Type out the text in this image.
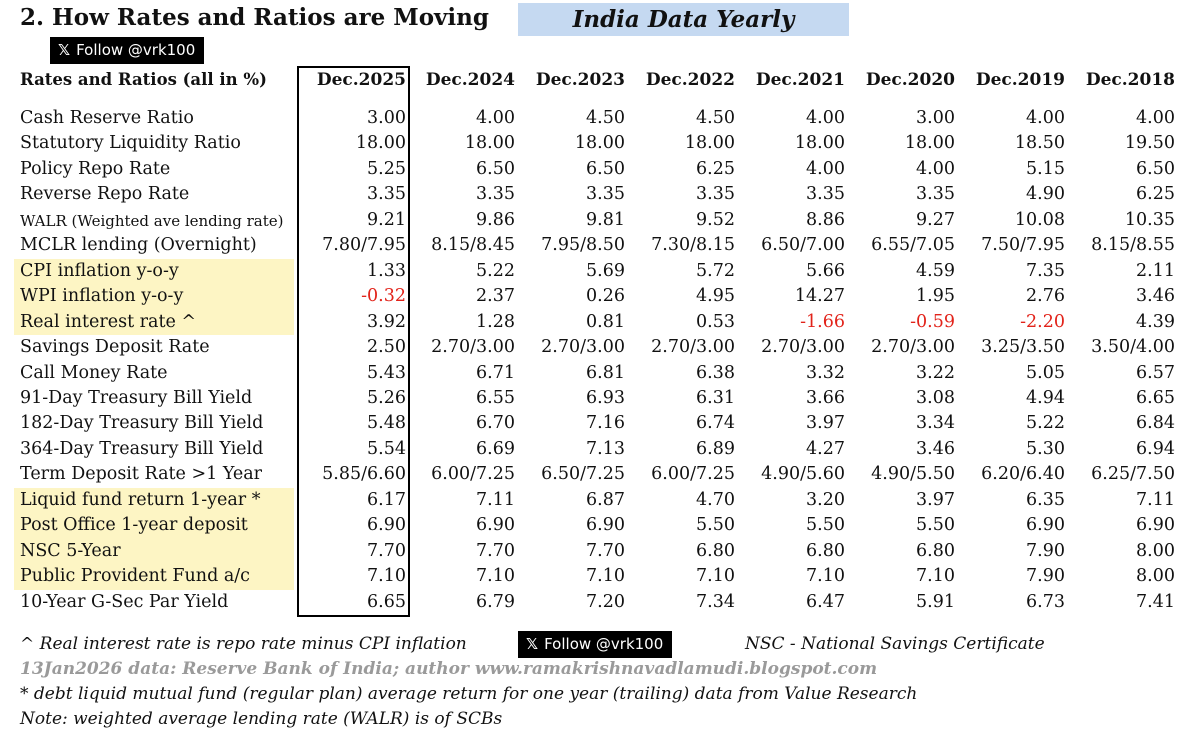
2. How Rates and Ratios are Moving	India Data Yearly
𝕏 Follow @vrk100
Rates and Ratios (all in %)	Dec.2025	Dec.2024	Dec.2023	Dec.2022	Dec.2021	Dec.2020	Dec.2019	Dec.2018
Cash Reserve Ratio	3.00	4.00	4.50	4.50	4.00	3.00	4.00	4.00
Statutory Liquidity Ratio	18.00	18.00	18.00	18.00	18.00	18.00	18.50	19.50
Policy Repo Rate	5.25	6.50	6.50	6.25	4.00	4.00	5.15	6.50
Reverse Repo Rate	3.35	3.35	3.35	3.35	3.35	3.35	4.90	6.25
WALR (Weighted ave lending rate)	9.21	9.86	9.81	9.52	8.86	9.27	10.08	10.35
MCLR lending (Overnight)	7.80/7.95	8.15/8.45	7.95/8.50	7.30/8.15	6.50/7.00	6.55/7.05	7.50/7.95	8.15/8.55
CPI inflation y-o-y	1.33	5.22	5.69	5.72	5.66	4.59	7.35	2.11
WPI inflation y-o-y	-0.32	2.37	0.26	4.95	14.27	1.95	2.76	3.46
Real interest rate ^	3.92	1.28	0.81	0.53	-1.66	-0.59	-2.20	4.39
Savings Deposit Rate	2.50	2.70/3.00	2.70/3.00	2.70/3.00	2.70/3.00	2.70/3.00	3.25/3.50	3.50/4.00
Call Money Rate	5.43	6.71	6.81	6.38	3.32	3.22	5.05	6.57
91-Day Treasury Bill Yield	5.26	6.55	6.93	6.31	3.66	3.08	4.94	6.65
182-Day Treasury Bill Yield	5.48	6.70	7.16	6.74	3.97	3.34	5.22	6.84
364-Day Treasury Bill Yield	5.54	6.69	7.13	6.89	4.27	3.46	5.30	6.94
Term Deposit Rate >1 Year	5.85/6.60	6.00/7.25	6.50/7.25	6.00/7.25	4.90/5.60	4.90/5.50	6.20/6.40	6.25/7.50
Liquid fund return 1-year *	6.17	7.11	6.87	4.70	3.20	3.97	6.35	7.11
Post Office 1-year deposit	6.90	6.90	6.90	5.50	5.50	5.50	6.90	6.90
NSC 5-Year	7.70	7.70	7.70	6.80	6.80	6.80	7.90	8.00
Public Provident Fund a/c	7.10	7.10	7.10	7.10	7.10	7.10	7.90	8.00
10-Year G-Sec Par Yield	6.65	6.79	7.20	7.34	6.47	5.91	6.73	7.41
^ Real interest rate is repo rate minus CPI inflation	𝕏 Follow @vrk100	NSC - National Savings Certificate
13Jan2026 data: Reserve Bank of India; author www.ramakrishnavadlamudi.blogspot.com
* debt liquid mutual fund (regular plan) average return for one year (trailing) data from Value Research
Note: weighted average lending rate (WALR) is of SCBs
